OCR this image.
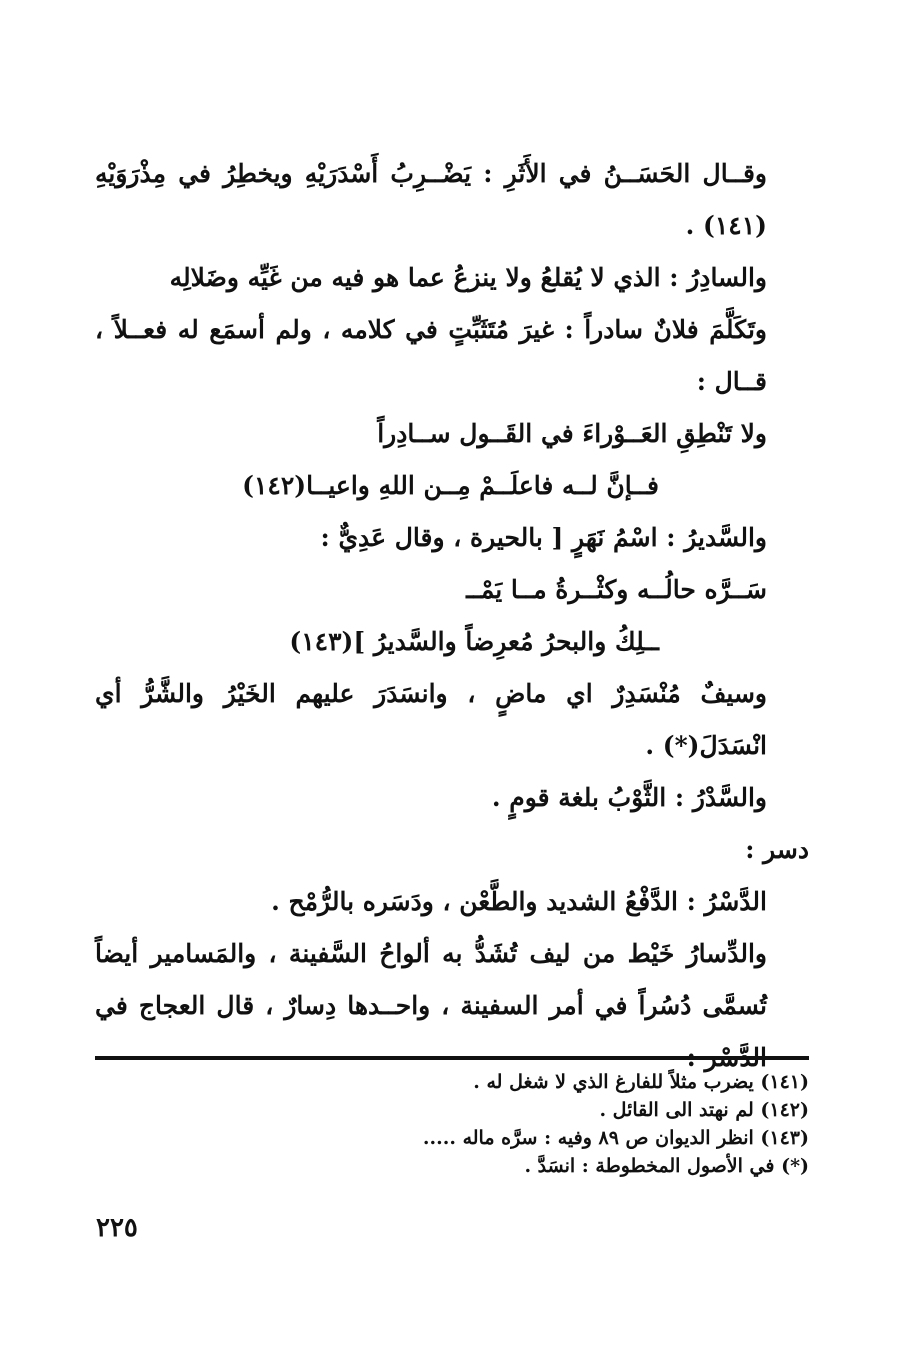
وقــال الحَسَــنُ في الأَثَرِ : يَضْــرِبُ أَسْدَرَيْهِ ويخطِرُ في مِذْرَوَيْهِ (١٤١) .

والسادِرُ : الذي لا يُقلعُ ولا ينزعُ عما هو فيه من غَيِّه وضَلالِه

وتَكَلَّمَ فلانٌ سادراً : غيرَ مُتَثَبِّتٍ في كلامه ، ولم أسمَع له فعــلاً ، قــال :

ولا تَنْطِقِ العَــوْراءَ في القَــول ســادِراً

فــإنَّ لــه فاعلَــمْ مِــن اللهِ واعيــا(١٤٢)

والسَّديرُ : اسْمُ نَهَرٍ [ بالحيرة ، وقال عَدِيٌّ :

سَــرَّه حالُــه وكثْــرةُ مــا يَمْــ

ــلِكُ والبحرُ مُعرِضاً والسَّديرُ ](١٤٣)

وسيفٌ مُنْسَدِرٌ اي ماضٍ ، وانسَدَرَ عليهم الخَيْرُ والشَّرُّ أي انْسَدَلَ(*) .

والسَّدْرُ : الثَّوْبُ بلغة قومٍ .

دسر :

الدَّسْرُ : الدَّفْعُ الشديد والطَّعْن ، ودَسَره بالرُّمْح .

والدِّسارُ خَيْط من ليف تُشَدُّ به ألواحُ السَّفينة ، والمَسامير أيضاً تُسمَّى دُسُراً في أمر السفينة ، واحــدها دِسارٌ ، قال العجاج في الدَّسْر :

(١٤١) يضرب مثلاً للفارغ الذي لا شغل له .

(١٤٢) لم نهتد الى القائل .

(١٤٣) انظر الديوان ص ٨٩ وفيه : سرَّه ماله .....

(*) في الأصول المخطوطة : انسَدَّ .

٢٢٥
